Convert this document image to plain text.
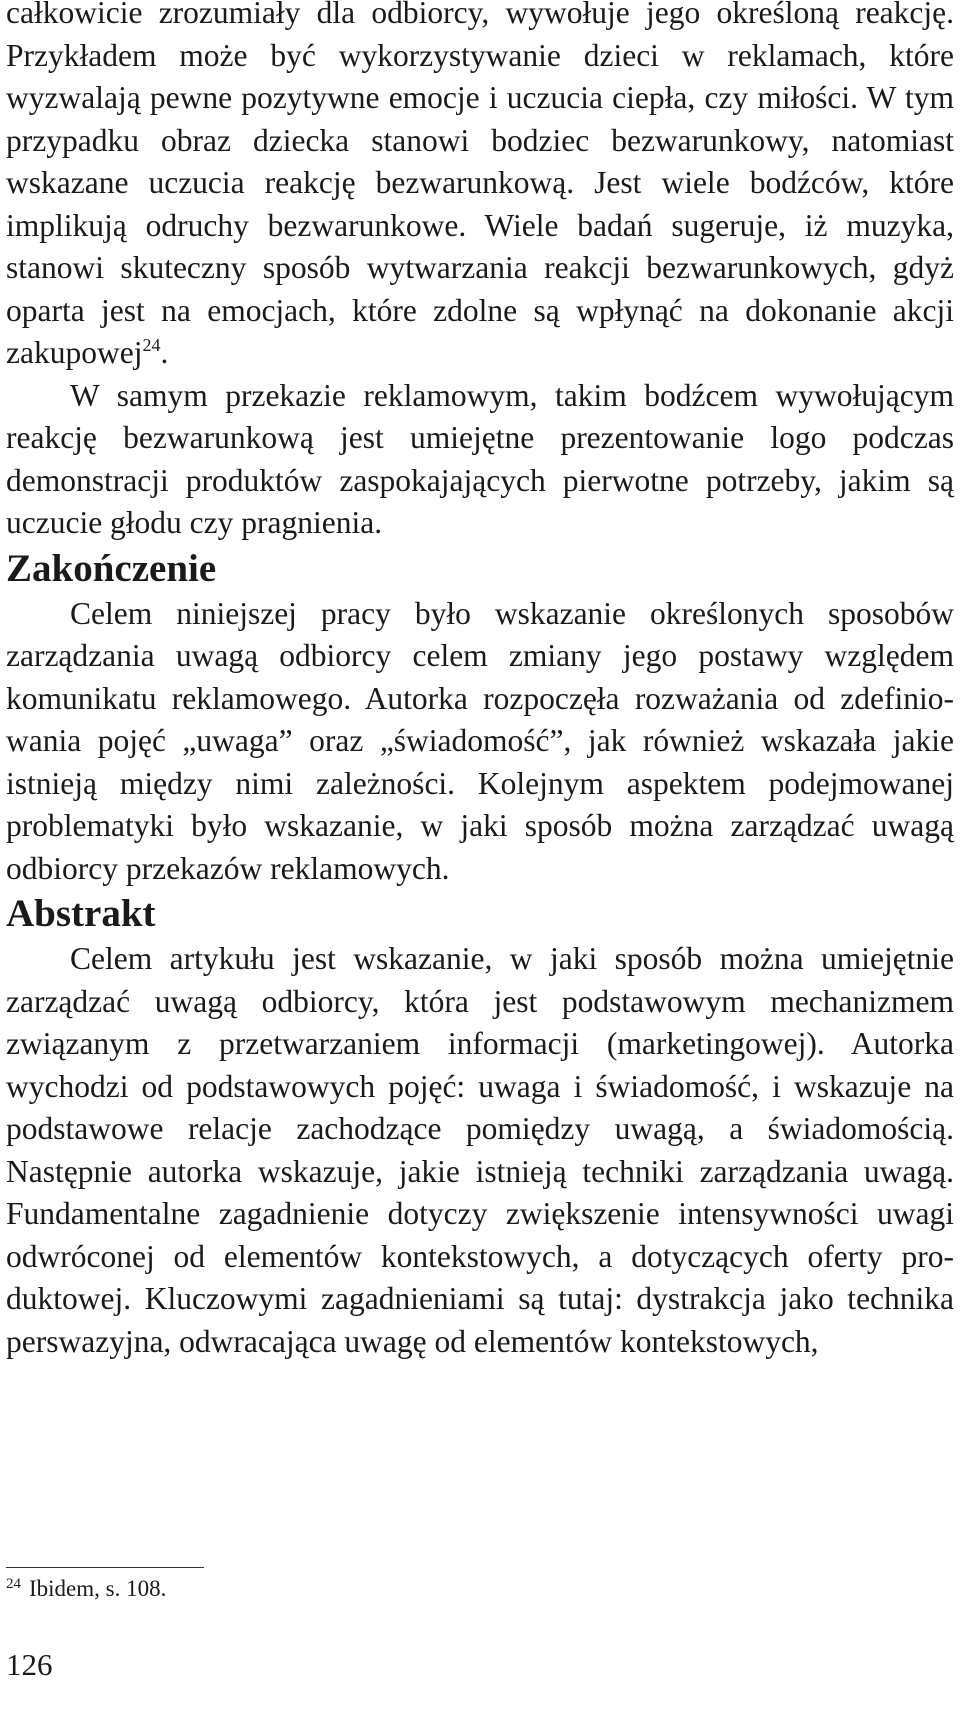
całkowicie zrozumiały dla odbiorcy, wywołuje jego określoną reakcję. Przykładem może być wykorzystywanie dzieci w reklamach, które wyzwalają pewne pozytywne emocje i uczucia ciepła, czy miłości. W tym przypadku obraz dziecka stanowi bodziec bezwarunkowy, natomiast wskazane uczucia reakcję bezwarunkową. Jest wiele bodźców, które implikują odruchy bezwarunkowe. Wiele badań sugeruje, iż muzyka, stanowi skuteczny sposób wytwarzania reakcji bezwarunkowych, gdyż oparta jest na emocjach, które zdolne są wpłynąć na dokonanie akcji zakupowej$^{24}$.

W samym przekazie reklamowym, takim bodźcem wywołującym reakcję bezwarunkową jest umiejętne prezentowanie logo podczas demonstracji produktów zaspokajających pierwotne potrzeby, jakim są uczucie głodu czy pragnienia.

Zakończenie

Celem niniejszej pracy było wskazanie określonych sposobów zarządzania uwagą odbiorcy celem zmiany jego postawy względem komunikatu reklamowego. Autorka rozpoczęła rozważania od zdefiniowania pojęć „uwaga” oraz „świadomość”, jak również wskazała jakie istnieją między nimi zależności. Kolejnym aspektem podejmowanej problematyki było wskazanie, w jaki sposób można zarządzać uwagą odbiorcy przekazów reklamowych.

Abstrakt

Celem artykułu jest wskazanie, w jaki sposób można umiejętnie zarządzać uwagą odbiorcy, która jest podstawowym mechanizmem związanym z przetwarzaniem informacji (marketingowej). Autorka wychodzi od podstawowych pojęć: uwaga i świadomość, i wskazuje na podstawowe relacje zachodzące pomiędzy uwagą, a świadomością. Następnie autorka wskazuje, jakie istnieją techniki zarządzania uwagą. Fundamentalne zagadnienie dotyczy zwiększenie intensywności uwagi odwróconej od elementów kontekstowych, a dotyczących oferty produktowej. Kluczowymi zagadnieniami są tutaj: dystrakcja jako technika perswazyjna, odwracająca uwagę od elementów kontekstowych,

$^{24}$ Ibidem, s. 108.
126
